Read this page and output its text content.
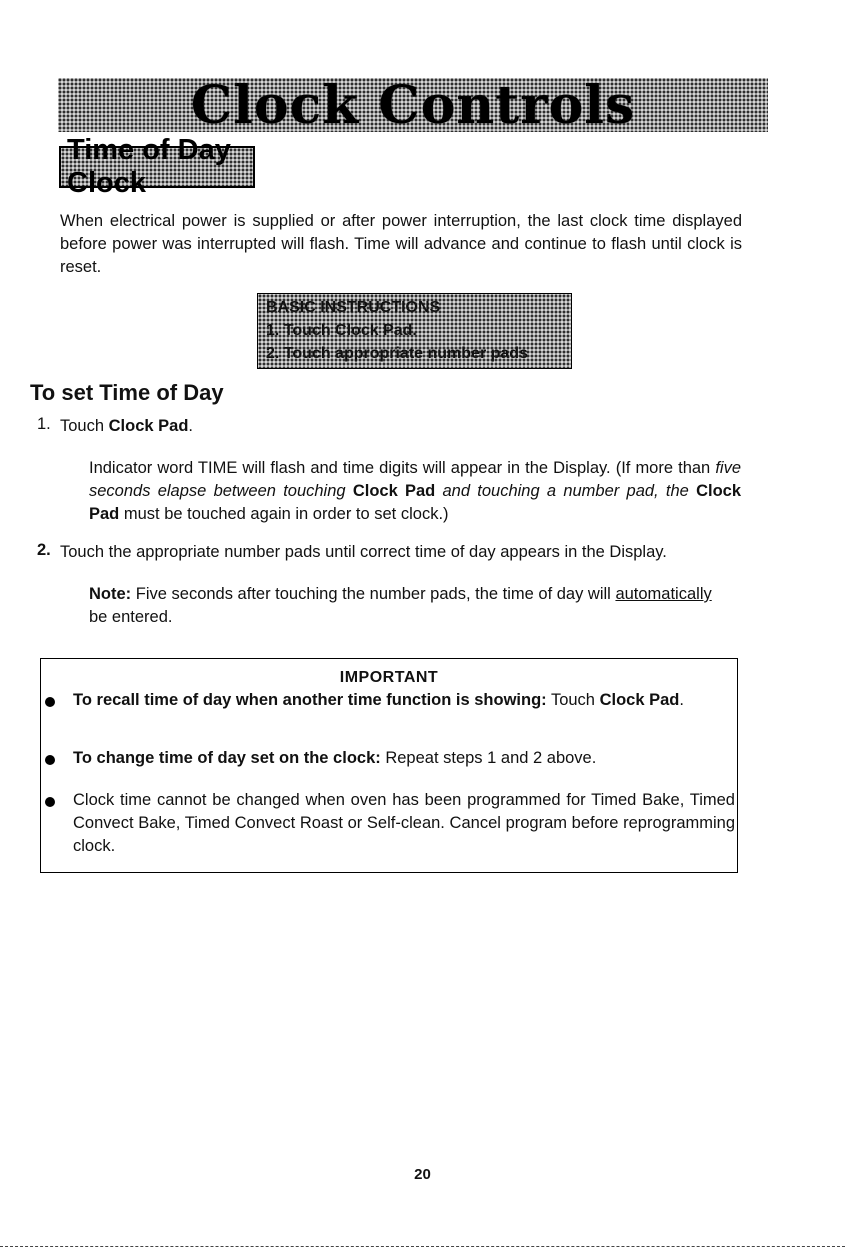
Clock Controls
Time of Day Clock

When electrical power is supplied or after power interruption, the last clock time displayed before power was interrupted will flash. Time will advance and continue to flash until clock is reset.

BASIC INSTRUCTIONS
1. Touch Clock Pad.
2. Touch appropriate number pads
To set Time of Day
1. Touch Clock Pad.

Indicator word TIME will flash and time digits will appear in the Display. (If more than five seconds elapse between touching Clock Pad and touching a number pad, the Clock Pad must be touched again in order to set clock.)

2. Touch the appropriate number pads until correct time of day appears in the Display.

Note: Five seconds after touching the number pads, the time of day will automatically
be entered.

IMPORTANT

To recall time of day when another time function is showing: Touch Clock Pad.

To change time of day set on the clock: Repeat steps 1 and 2 above.

Clock time cannot be changed when oven has been programmed for Timed Bake, Timed Convect Bake, Timed Convect Roast or Self-clean. Cancel program before reprogramming clock.

20
